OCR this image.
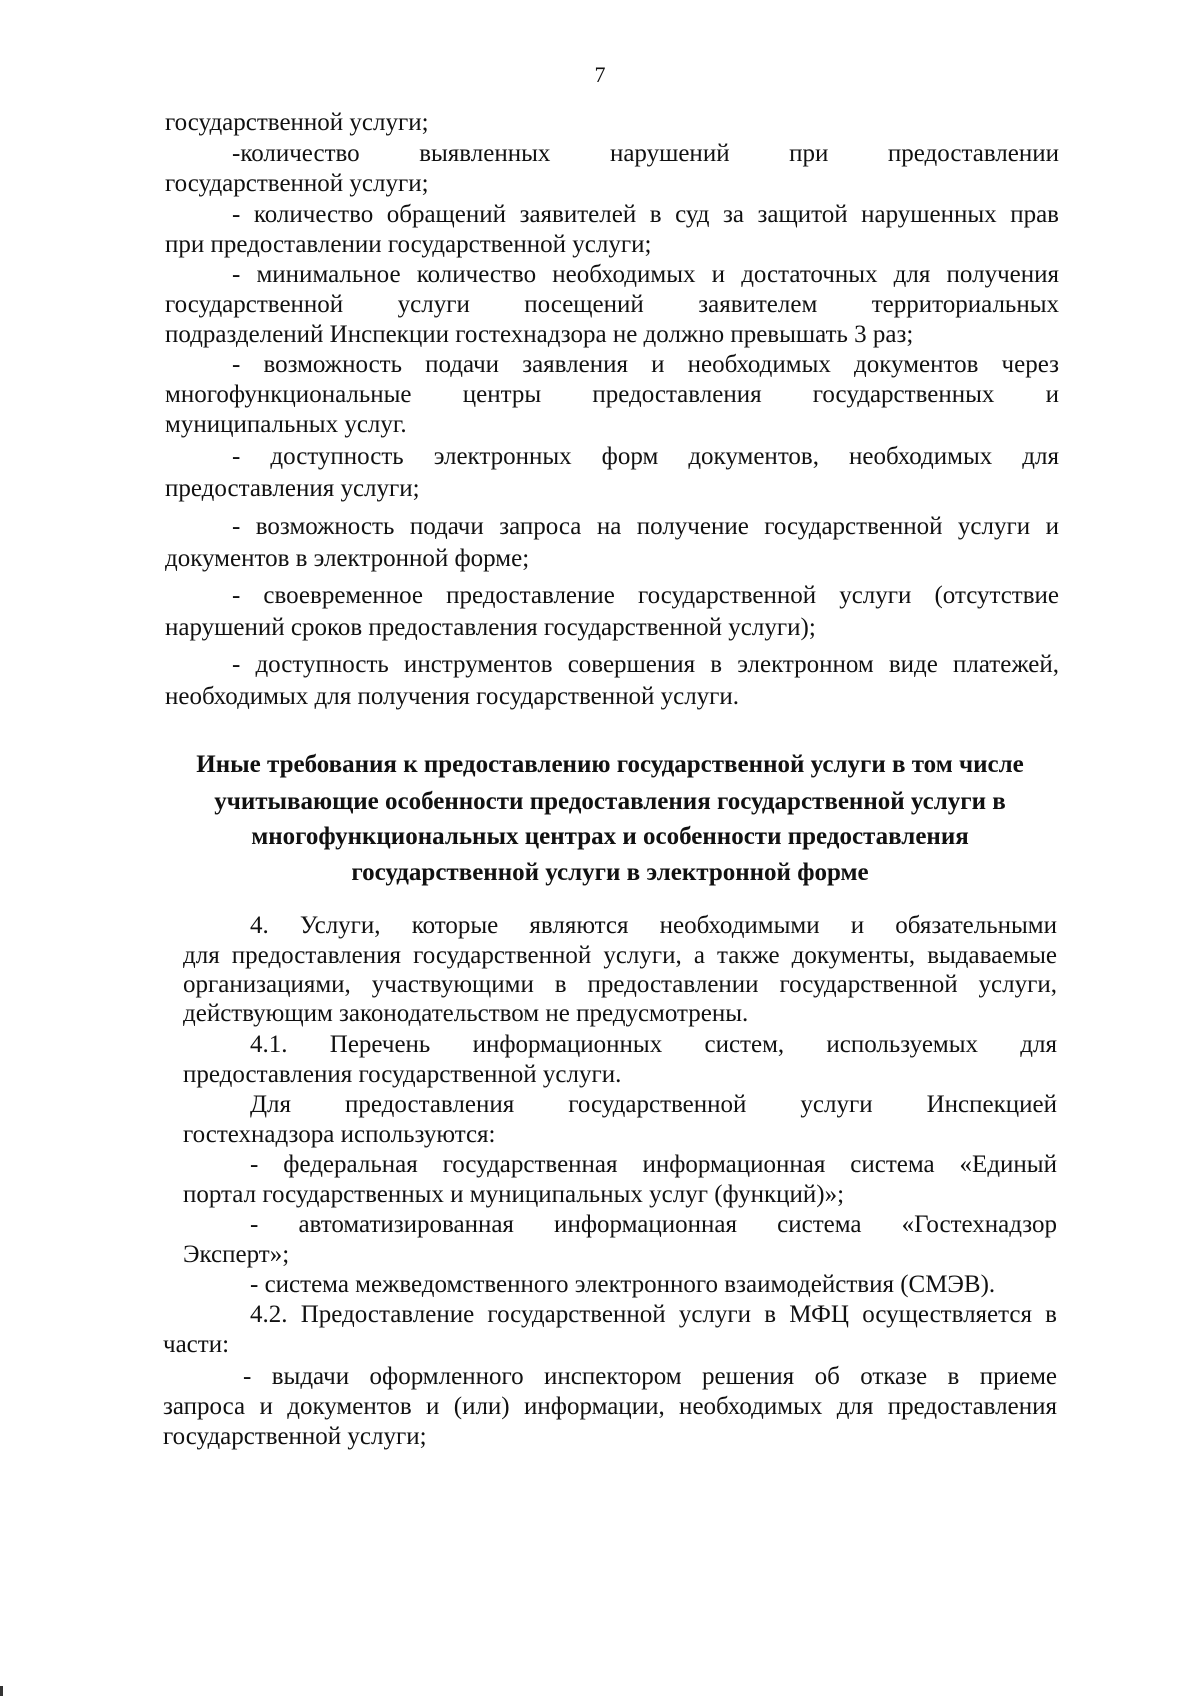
7
государственной услуги;
-количество выявленных нарушений при предоставлении
государственной услуги;
- количество обращений заявителей в суд за защитой нарушенных прав
при предоставлении государственной услуги;
- минимальное количество необходимых и достаточных для получения
государственной услуги посещений заявителем территориальных
подразделений Инспекции гостехнадзора не должно превышать 3 раз;
- возможность подачи заявления и необходимых документов через
многофункциональные центры предоставления государственных и
муниципальных услуг.
- доступность электронных форм документов, необходимых для
предоставления услуги;
- возможность подачи запроса на получение государственной услуги и
документов в электронной форме;
- своевременное предоставление государственной услуги (отсутствие
нарушений сроков предоставления государственной услуги);
- доступность инструментов совершения в электронном виде платежей,
необходимых для получения государственной услуги.
Иные требования к предоставлению государственной услуги в том числе
учитывающие особенности предоставления государственной услуги в
многофункциональных центрах и особенности предоставления
государственной услуги в электронной форме
4. Услуги, которые являются необходимыми и обязательными
для предоставления государственной услуги, а также документы, выдаваемые
организациями, участвующими в предоставлении государственной услуги,
действующим законодательством не предусмотрены.
4.1. Перечень информационных систем, используемых для
предоставления государственной услуги.
Для предоставления государственной услуги Инспекцией
гостехнадзора используются:
- федеральная государственная информационная система «Единый
портал государственных и муниципальных услуг (функций)»;
- автоматизированная информационная система «Гостехнадзор
Эксперт»;
- система межведомственного электронного взаимодействия (СМЭВ).
4.2. Предоставление государственной услуги в МФЦ осуществляется в
части:
- выдачи оформленного инспектором решения об отказе в приеме
запроса и документов и (или) информации, необходимых для предоставления
государственной услуги;
